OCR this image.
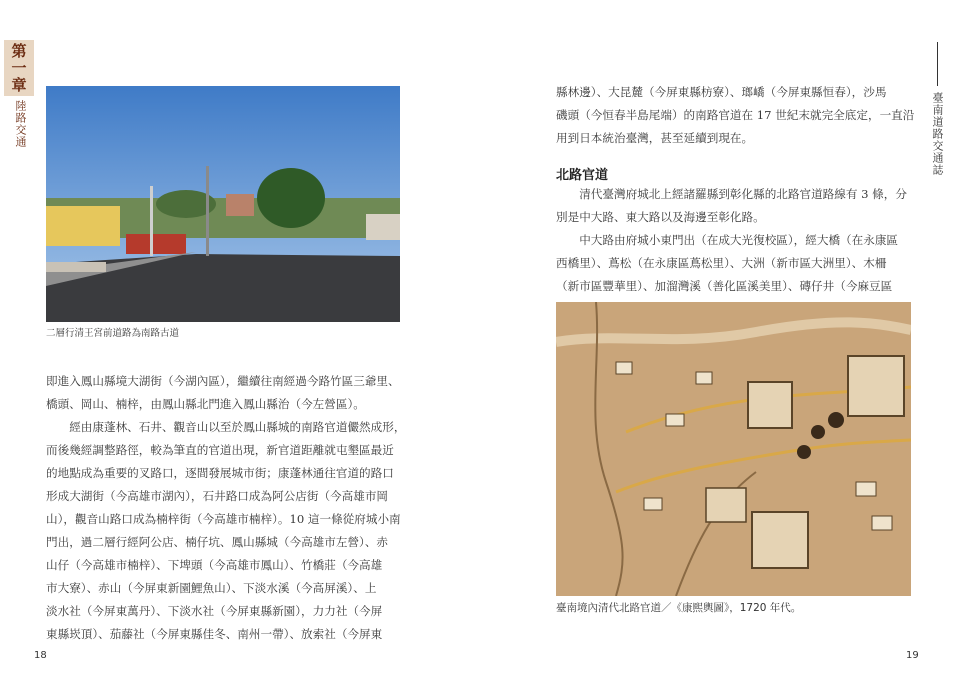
第一章
陸路交通	臺南道路交通誌
二層行清王宮前道路為南路古道

即進入鳳山縣境大湖街（今湖內區），繼續往南經過今路竹區三爺里、

橋頭、岡山、楠梓，由鳳山縣北門進入鳳山縣治（今左營區）。

　　經由康蓬林、石井、觀音山以至於鳳山縣城的南路官道儼然成形，

而後幾經調整路徑，較為筆直的官道出現，新官道距離就屯墾區最近

的地點成為重要的叉路口，逐間發展城市街；康蓬林通往官道的路口

形成大湖街（今高雄市湖內），石井路口成為阿公店街（今高雄市岡

山），觀音山路口成為楠梓街（今高雄市楠梓）。10 這一條從府城小南

門出，過二層行經阿公店、楠仔坑、鳳山縣城（今高雄市左營）、赤

山仔（今高雄市楠梓）、下埤頭（今高雄市鳳山）、竹橋莊（今高雄

市大寮）、赤山（今屏東新園鯉魚山）、下淡水溪（今高屏溪）、上

淡水社（今屏東萬丹）、下淡水社（今屏東縣新園），力力社（今屏

東縣崁頂）、茄藤社（今屏東縣佳冬、南州一帶）、放索社（今屏東

縣林邊）、大昆麓（今屏東縣枋寮）、瑯嶠（今屏東縣恒春），沙馬

磯頭（今恒春半島尾端）的南路官道在 17 世紀末就完全底定，一直沿

用到日本統治臺灣，甚至延續到現在。

北路官道

　　清代臺灣府城北上經諸羅縣到彰化縣的北路官道路線有 3 條，分

別是中大路、東大路以及海邊至彰化路。

　　中大路由府城小東門出（在成大光復校區），經大橋（在永康區

西橋里）、蔦松（在永康區蔦松里）、大洲（新市區大洲里）、木柵

（新市區豐華里）、加溜灣溪（善化區溪美里）、磚仔井（今麻豆區

臺南境內清代北路官道／《康熙輿圖》，1720 年代。
18	19
